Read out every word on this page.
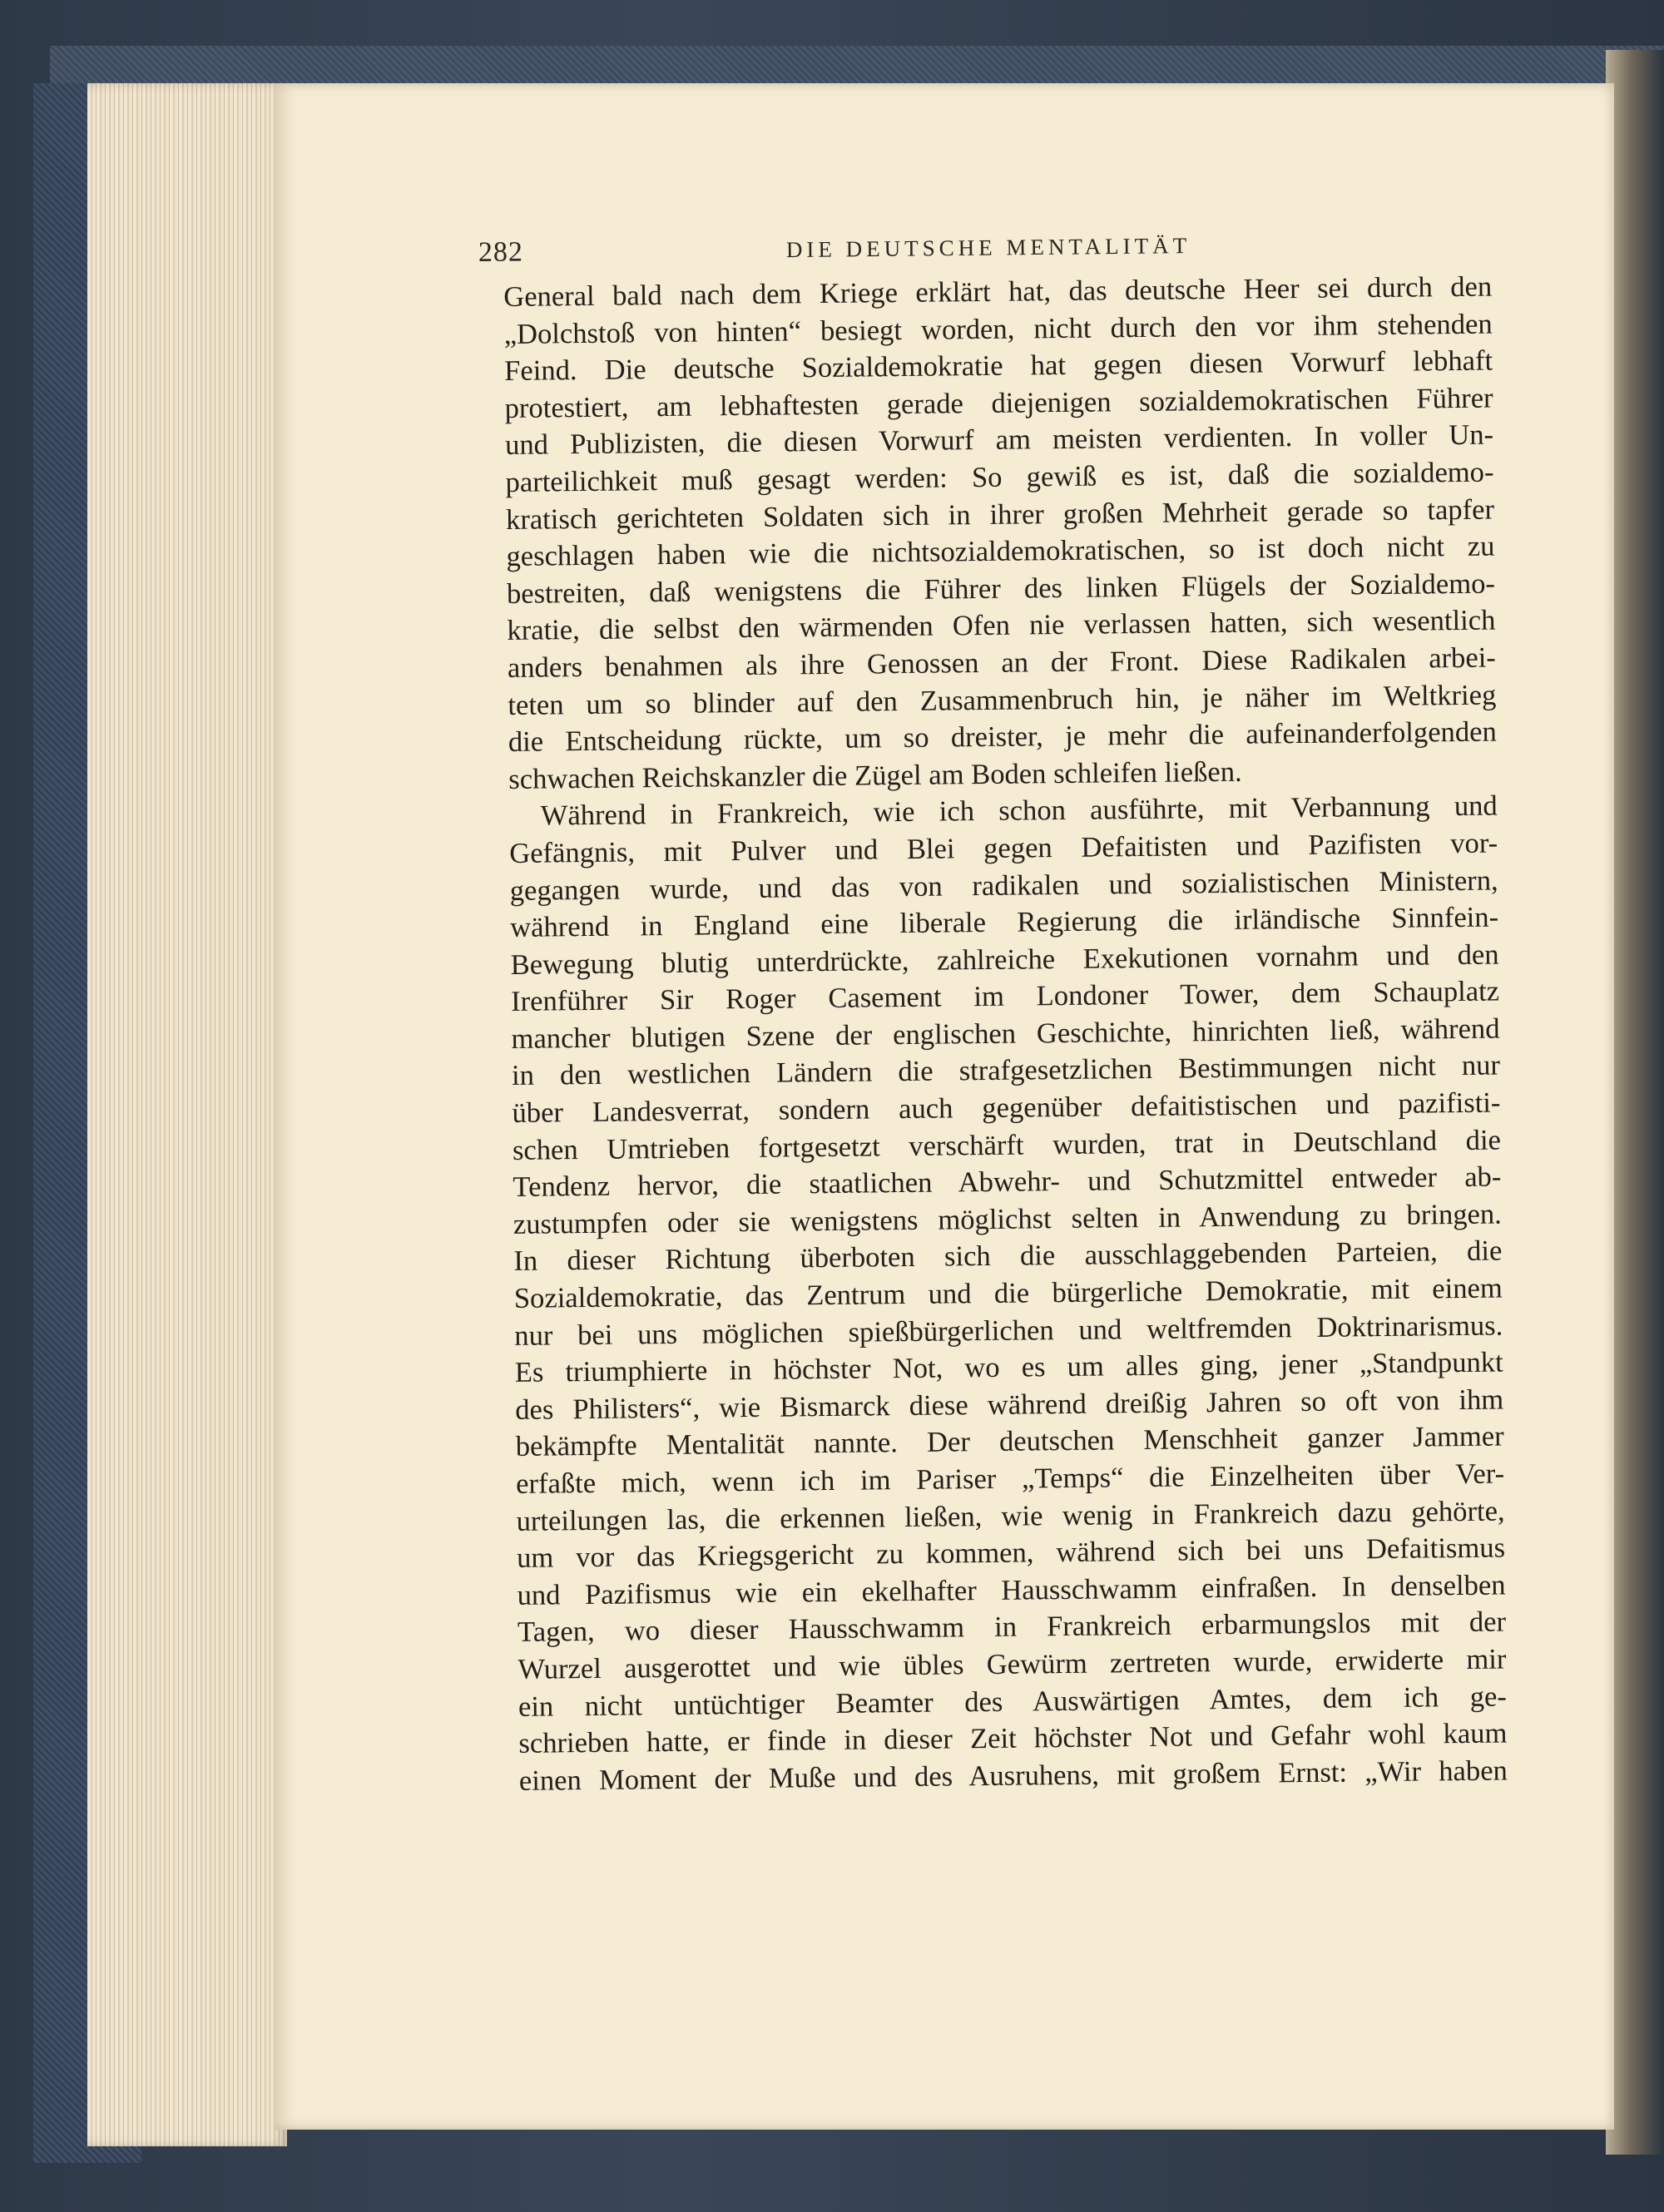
282	DIE DEUTSCHE MENTALITÄT
General bald nach dem Kriege erklärt hat, das deutsche Heer sei durch den
„Dolchstoß von hinten“ besiegt worden, nicht durch den vor ihm stehenden
Feind. Die deutsche Sozialdemokratie hat gegen diesen Vorwurf lebhaft
protestiert, am lebhaftesten gerade diejenigen sozialdemokratischen Führer
und Publizisten, die diesen Vorwurf am meisten verdienten. In voller Un-
parteilichkeit muß gesagt werden: So gewiß es ist, daß die sozialdemo-
kratisch gerichteten Soldaten sich in ihrer großen Mehrheit gerade so tapfer
geschlagen haben wie die nichtsozialdemokratischen, so ist doch nicht zu
bestreiten, daß wenigstens die Führer des linken Flügels der Sozialdemo-
kratie, die selbst den wärmenden Ofen nie verlassen hatten, sich wesentlich
anders benahmen als ihre Genossen an der Front. Diese Radikalen arbei-
teten um so blinder auf den Zusammenbruch hin, je näher im Weltkrieg
die Entscheidung rückte, um so dreister, je mehr die aufeinanderfolgenden
schwachen Reichskanzler die Zügel am Boden schleifen ließen.
Während in Frankreich, wie ich schon ausführte, mit Verbannung und
Gefängnis, mit Pulver und Blei gegen Defaitisten und Pazifisten vor-
gegangen wurde, und das von radikalen und sozialistischen Ministern,
während in England eine liberale Regierung die irländische Sinnfein-
Bewegung blutig unterdrückte, zahlreiche Exekutionen vornahm und den
Irenführer Sir Roger Casement im Londoner Tower, dem Schauplatz
mancher blutigen Szene der englischen Geschichte, hinrichten ließ, während
in den westlichen Ländern die strafgesetzlichen Bestimmungen nicht nur
über Landesverrat, sondern auch gegenüber defaitistischen und pazifisti-
schen Umtrieben fortgesetzt verschärft wurden, trat in Deutschland die
Tendenz hervor, die staatlichen Abwehr- und Schutzmittel entweder ab-
zustumpfen oder sie wenigstens möglichst selten in Anwendung zu bringen.
In dieser Richtung überboten sich die ausschlaggebenden Parteien, die
Sozialdemokratie, das Zentrum und die bürgerliche Demokratie, mit einem
nur bei uns möglichen spießbürgerlichen und weltfremden Doktrinarismus.
Es triumphierte in höchster Not, wo es um alles ging, jener „Standpunkt
des Philisters“, wie Bismarck diese während dreißig Jahren so oft von ihm
bekämpfte Mentalität nannte. Der deutschen Menschheit ganzer Jammer
erfaßte mich, wenn ich im Pariser „Temps“ die Einzelheiten über Ver-
urteilungen las, die erkennen ließen, wie wenig in Frankreich dazu gehörte,
um vor das Kriegsgericht zu kommen, während sich bei uns Defaitismus
und Pazifismus wie ein ekelhafter Hausschwamm einfraßen. In denselben
Tagen, wo dieser Hausschwamm in Frankreich erbarmungslos mit der
Wurzel ausgerottet und wie übles Gewürm zertreten wurde, erwiderte mir
ein nicht untüchtiger Beamter des Auswärtigen Amtes, dem ich ge-
schrieben hatte, er finde in dieser Zeit höchster Not und Gefahr wohl kaum
einen Moment der Muße und des Ausruhens, mit großem Ernst: „Wir haben
